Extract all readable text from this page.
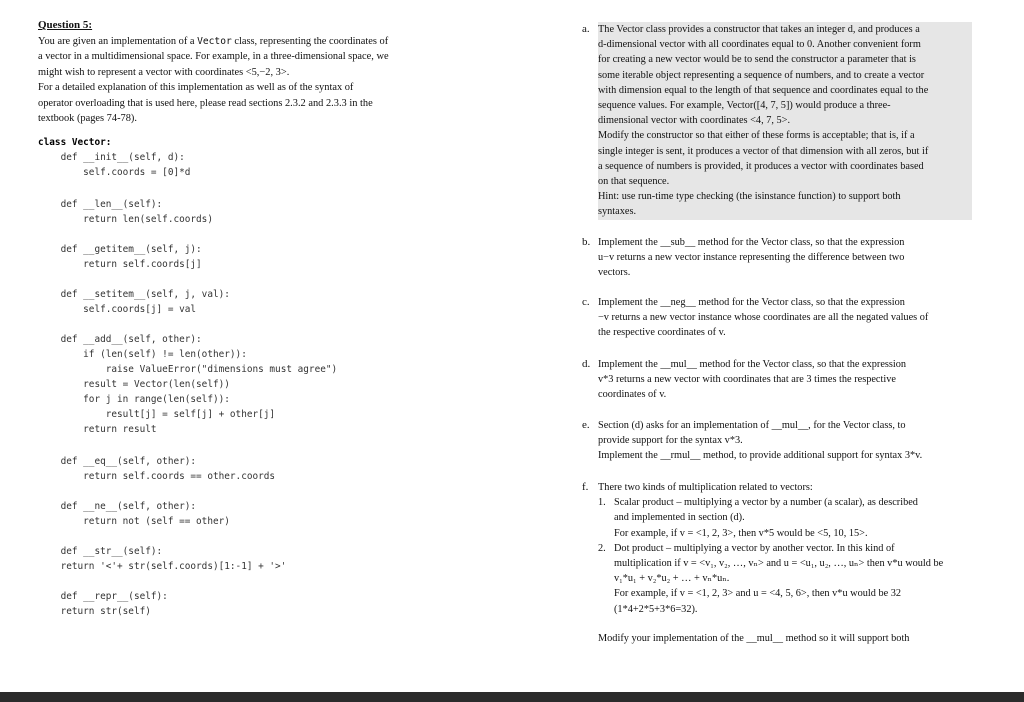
Question 5:

You are given an implementation of a Vector class, representing the coordinates of

a vector in a multidimensional space. For example, in a three-dimensional space, we

might wish to represent a vector with coordinates <5,−2, 3>.

For a detailed explanation of this implementation as well as of the syntax of

operator overloading that is used here, please read sections 2.3.2 and 2.3.3 in the

textbook (pages 74-78).

class Vector:
def __init__(self, d):
self.coords = [0]*d
def __len__(self):
return len(self.coords)
def __getitem__(self, j):
return self.coords[j]
def __setitem__(self, j, val):
self.coords[j] = val
def __add__(self, other):
if (len(self) != len(other)):
raise ValueError("dimensions must agree")
result = Vector(len(self))
for j in range(len(self)):
result[j] = self[j] + other[j]
return result
def __eq__(self, other):
return self.coords == other.coords
def __ne__(self, other):
return not (self == other)
def __str__(self):
return '<'+ str(self.coords)[1:-1] + '>'
def __repr__(self):
return str(self)
a. The Vector class provides a constructor that takes an integer d, and produces a
d-dimensional vector with all coordinates equal to 0. Another convenient form
for creating a new vector would be to send the constructor a parameter that is
some iterable object representing a sequence of numbers, and to create a vector
with dimension equal to the length of that sequence and coordinates equal to the
sequence values. For example, Vector([4, 7, 5]) would produce a three-
dimensional vector with coordinates <4, 7, 5>.
Modify the constructor so that either of these forms is acceptable; that is, if a
single integer is sent, it produces a vector of that dimension with all zeros, but if
a sequence of numbers is provided, it produces a vector with coordinates based
on that sequence.
Hint: use run-time type checking (the isinstance function) to support both
syntaxes.
b. Implement the __sub__ method for the Vector class, so that the expression
u−v returns a new vector instance representing the difference between two
vectors.
c. Implement the __neg__ method for the Vector class, so that the expression
−v returns a new vector instance whose coordinates are all the negated values of
the respective coordinates of v.
d. Implement the __mul__ method for the Vector class, so that the expression
v*3 returns a new vector with coordinates that are 3 times the respective
coordinates of v.
e. Section (d) asks for an implementation of __mul__, for the Vector class, to
provide support for the syntax v*3.
Implement the __rmul__ method, to provide additional support for syntax 3*v.
f. There two kinds of multiplication related to vectors:
1. Scalar product – multiplying a vector by a number (a scalar), as described
and implemented in section (d).
For example, if v = <1, 2, 3>, then v*5 would be <5, 10, 15>.
2. Dot product – multiplying a vector by another vector. In this kind of
multiplication if v = <v₁, v₂, …, vₙ> and u = <u₁, u₂, …, uₙ> then v*u would be
v₁*u₁ + v₂*u₂ + … + vₙ*uₙ.
For example, if v = <1, 2, 3> and u = <4, 5, 6>, then v*u would be 32
(1*4+2*5+3*6=32).
Modify your implementation of the __mul__ method so it will support both
